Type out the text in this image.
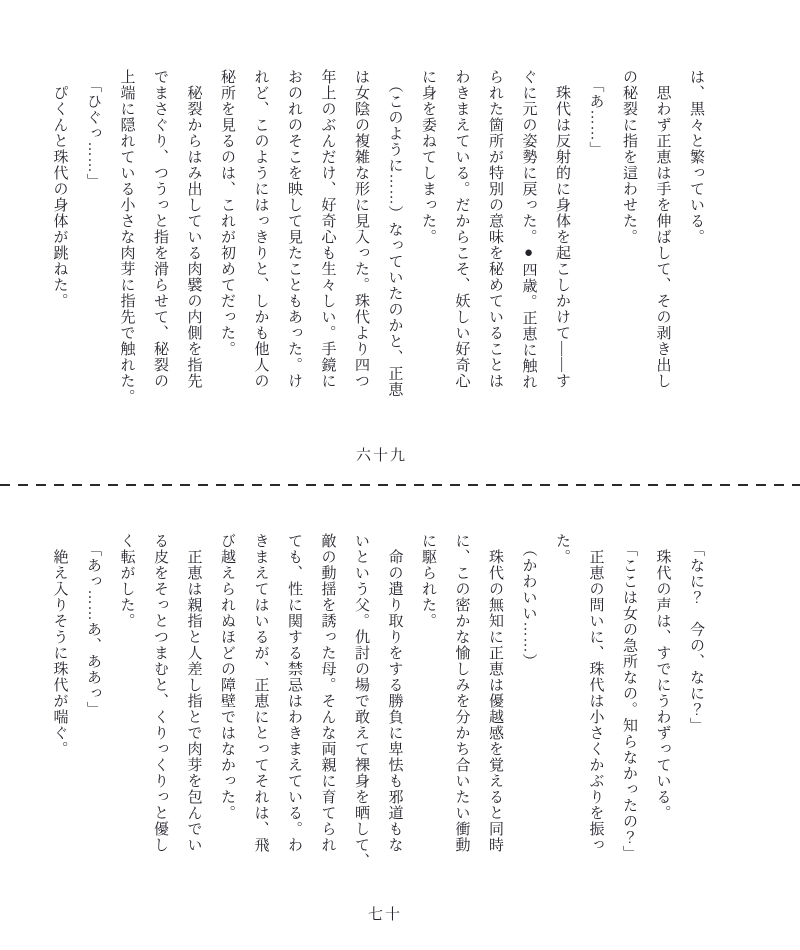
は、黒々と繁っている。
　思わず正恵は手を伸ばして、その剥き出し
の秘裂に指を這わせた。
　「あ……」
　珠代は反射的に身体を起こしかけて――す
ぐに元の姿勢に戻った。●四歳。正恵に触れ
られた箇所が特別の意味を秘めていることは
わきまえている。だからこそ、妖しい好奇心
に身を委ねてしまった。
　（このように……）なっていたのかと、正恵
は女陰の複雑な形に見入った。珠代より四つ
年上のぶんだけ、好奇心も生々しい。手鏡に
おのれのそこを映して見たこともあった。け
れど、このようにはっきりと、しかも他人の
秘所を見るのは、これが初めてだった。
　秘裂からはみ出している肉襞の内側を指先
でまさぐり、つうっと指を滑らせて、秘裂の
上端に隠れている小さな肉芽に指先で触れた。
　「ひぐっ……」
　ぴくんと珠代の身体が跳ねた。
六十九
　「なに？　今の、なに？」
　珠代の声は、すでにうわずっている。
　「ここは女の急所なの。知らなかったの？」
　正恵の問いに、珠代は小さくかぶりを振っ
た。
　（かわいい……）
　珠代の無知に正恵は優越感を覚えると同時
に、この密かな愉しみを分かち合いたい衝動
に駆られた。
　命の遣り取りをする勝負に卑怯も邪道もな
いという父。仇討の場で敢えて裸身を晒して、
敵の動揺を誘った母。そんな両親に育てられ
ても、性に関する禁忌はわきまえている。わ
きまえてはいるが、正恵にとってそれは、飛
び越えられぬほどの障壁ではなかった。
　正恵は親指と人差し指とで肉芽を包んでい
る皮をそっとつまむと、くりっくりっと優し
く転がした。
　「あっ……あ、ああっ」
　絶え入りそうに珠代が喘ぐ。
七十
